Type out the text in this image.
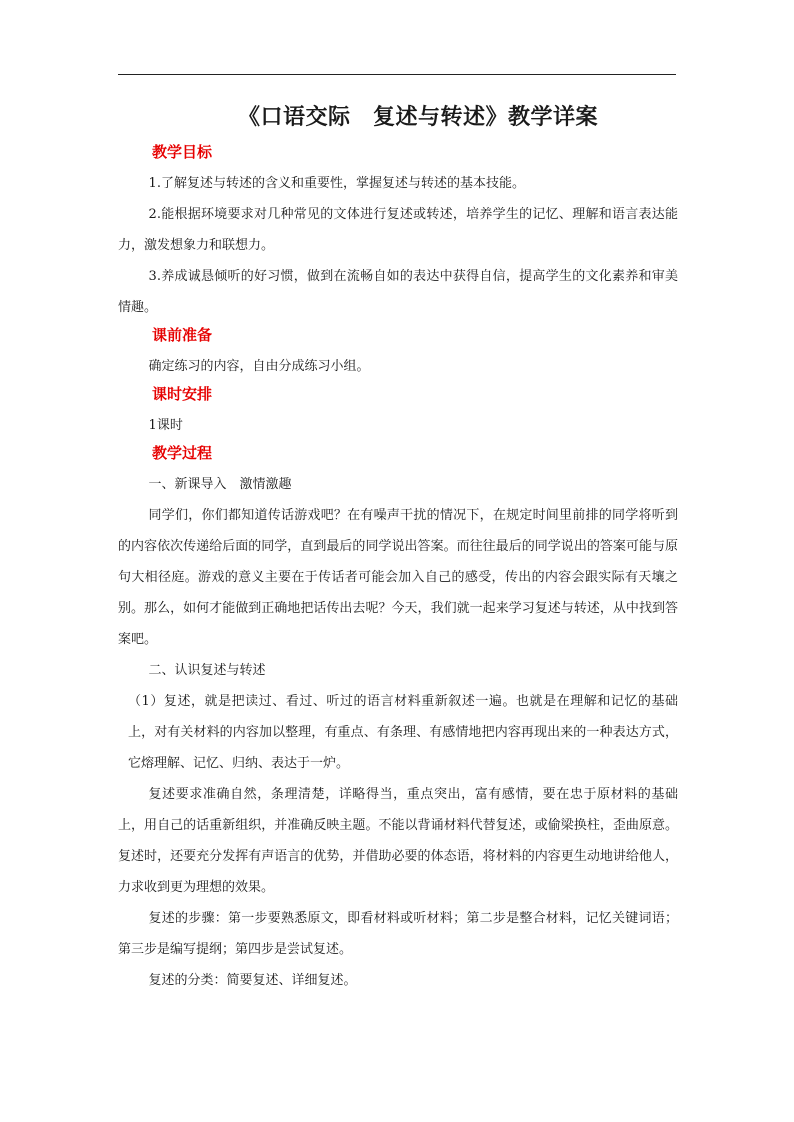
《口语交际　复述与转述》教学详案

教学目标

1.了解复述与转述的含义和重要性，掌握复述与转述的基本技能。

2.能根据环境要求对几种常见的文体进行复述或转述，培养学生的记忆、理解和语言表达能力，激发想象力和联想力。

3.养成诚恳倾听的好习惯，做到在流畅自如的表达中获得自信，提高学生的文化素养和审美情趣。

课前准备

确定练习的内容，自由分成练习小组。

课时安排

1课时

教学过程

一、新课导入　激情激趣

同学们，你们都知道传话游戏吧？在有噪声干扰的情况下，在规定时间里前排的同学将听到的内容依次传递给后面的同学，直到最后的同学说出答案。而往往最后的同学说出的答案可能与原句大相径庭。游戏的意义主要在于传话者可能会加入自己的感受，传出的内容会跟实际有天壤之别。那么，如何才能做到正确地把话传出去呢？今天，我们就一起来学习复述与转述，从中找到答案吧。

二、认识复述与转述

（1）复述，就是把读过、看过、听过的语言材料重新叙述一遍。也就是在理解和记忆的基础上，对有关材料的内容加以整理，有重点、有条理、有感情地把内容再现出来的一种表达方式，它熔理解、记忆、归纳、表达于一炉。

复述要求准确自然，条理清楚，详略得当，重点突出，富有感情，要在忠于原材料的基础上，用自己的话重新组织，并准确反映主题。不能以背诵材料代替复述，或偷梁换柱，歪曲原意。复述时，还要充分发挥有声语言的优势，并借助必要的体态语，将材料的内容更生动地讲给他人，力求收到更为理想的效果。

复述的步骤：第一步要熟悉原文，即看材料或听材料；第二步是整合材料，记忆关键词语；第三步是编写提纲；第四步是尝试复述。

复述的分类：简要复述、详细复述。
